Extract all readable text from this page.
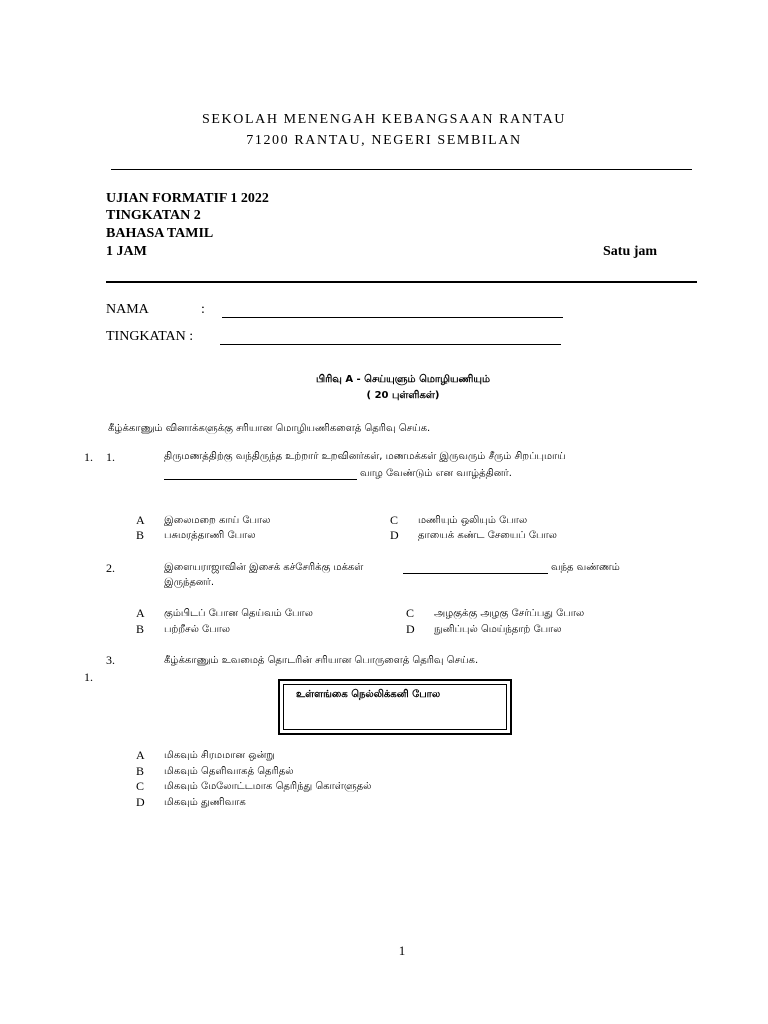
SEKOLAH MENENGAH KEBANGSAAN RANTAU
71200 RANTAU, NEGERI SEMBILAN
UJIAN FORMATIF 1 2022
TINGKATAN 2
BAHASA TAMIL
1 JAM	Satu jam
NAMA	:
TINGKATAN :
பிரிவு A - செய்யுளும் மொழியணியும்
( 20 புள்ளிகள்)
கீழ்க்காணும் வினாக்களுக்கு சரியான மொழியணிகளைத் தெரிவு செய்க.
1. 1.	திருமணத்திற்கு வந்திருந்த உற்றார் உறவினர்கள், மணமக்கள் இருவரும் சீரும் சிறப்புமாய்
வாழ வேண்டும் என வாழ்த்தினர்.
A இலைமறை காய் போல
B பசுமரத்தாணி போல
C மணியும் ஒலியும் போல
D தாயைக் கண்ட சேயைப் போல
2.	இளையராஜாவின் இசைக் கச்சேரிக்கு மக்கள்	வந்த வண்ணம்
இருந்தனர்.
A கும்பிடப் போன தெய்வம் போல
B பற்றீசல் போல
C அழகுக்கு அழகு சேர்ப்பது போல
D நுனிப்புல் மெய்ந்தாற் போல
3.	கீழ்க்காணும் உவமைத் தொடரின் சரியான பொருளைத் தெரிவு செய்க.
1.
உள்ளங்கை நெல்லிக்கனி போல
A மிகவும் சிரமமான ஒன்று
B மிகவும் தெளிவாகத் தெரிதல்
C மிகவும் மேலோட்டமாக தெரிந்து கொள்ளுதல்
D மிகவும் துணிவாக
1
